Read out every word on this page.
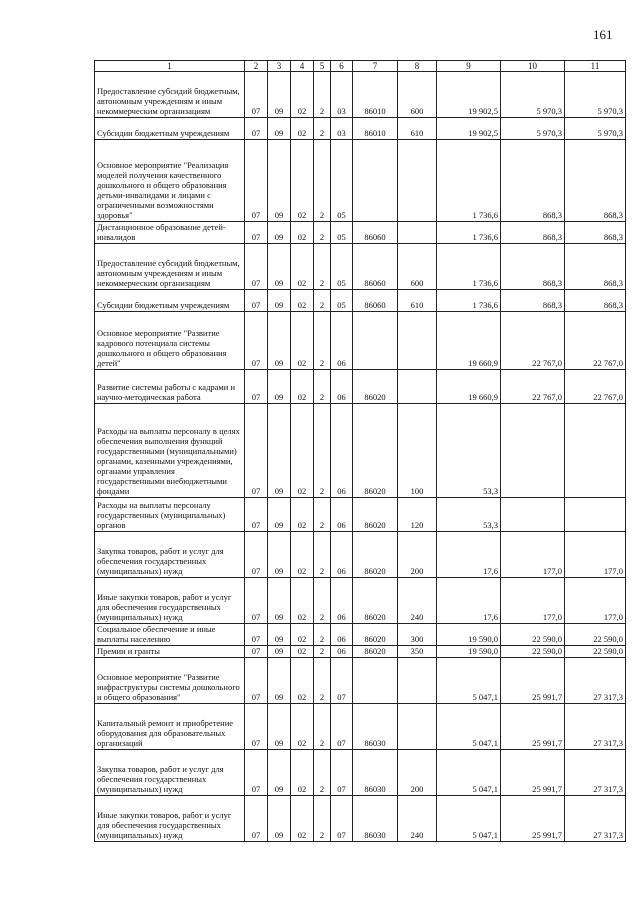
161
1	2	3	4	5	6	7	8	9	10	11
Предоставление субсидий бюджетным, автономным учреждениям и иным некоммерческим организациям	07	09	02	2	03	86010	600	19 902,5	5 970,3	5 970,3
Субсидии бюджетным учреждениям	07	09	02	2	03	86010	610	19 902,5	5 970,3	5 970,3
Основное мероприятие "Реализация моделей получения качественного дошкольного и общего образования детьми-инвалидами и лицами с ограниченными возможностями здоровья"	07	09	02	2	05			1 736,6	868,3	868,3
Дистанционное образование детей-инвалидов	07	09	02	2	05	86060		1 736,6	868,3	868,3
Предоставление субсидий бюджетным, автономным учреждениям и иным некоммерческим организациям	07	09	02	2	05	86060	600	1 736,6	868,3	868,3
Субсидии бюджетным учреждениям	07	09	02	2	05	86060	610	1 736,6	868,3	868,3
Основное мероприятие "Развитие кадрового потенциала системы дошкольного и общего образования детей"	07	09	02	2	06			19 660,9	22 767,0	22 767,0
Развитие системы работы с кадрами и научно-методическая работа	07	09	02	2	06	86020		19 660,9	22 767,0	22 767,0
Расходы на выплаты персоналу в целях обеспечения выполнения функций государственными (муниципальными) органами, казенными учреждениями, органами управления государственными внебюджетными фондами	07	09	02	2	06	86020	100	53,3		
Расходы на выплаты персоналу государственных (муниципальных) органов	07	09	02	2	06	86020	120	53,3		
Закупка товаров, работ и услуг для обеспечения государственных (муниципальных) нужд	07	09	02	2	06	86020	200	17,6	177,0	177,0
Иные закупки товаров, работ и услуг для обеспечения государственных (муниципальных) нужд	07	09	02	2	06	86020	240	17,6	177,0	177,0
Социальное обеспечение и иные выплаты населению	07	09	02	2	06	86020	300	19 590,0	22 590,0	22 590,0
Премии и гранты	07	09	02	2	06	86020	350	19 590,0	22 590,0	22 590,0
Основное мероприятие "Развитие инфраструктуры системы дошкольного и общего образования"	07	09	02	2	07			5 047,1	25 991,7	27 317,3
Капитальный ремонт и приобретение оборудования для образовательных организаций	07	09	02	2	07	86030		5 047,1	25 991,7	27 317,3
Закупка товаров, работ и услуг для обеспечения государственных (муниципальных) нужд	07	09	02	2	07	86030	200	5 047,1	25 991,7	27 317,3
Иные закупки товаров, работ и услуг для обеспечения государственных (муниципальных) нужд	07	09	02	2	07	86030	240	5 047,1	25 991,7	27 317,3
